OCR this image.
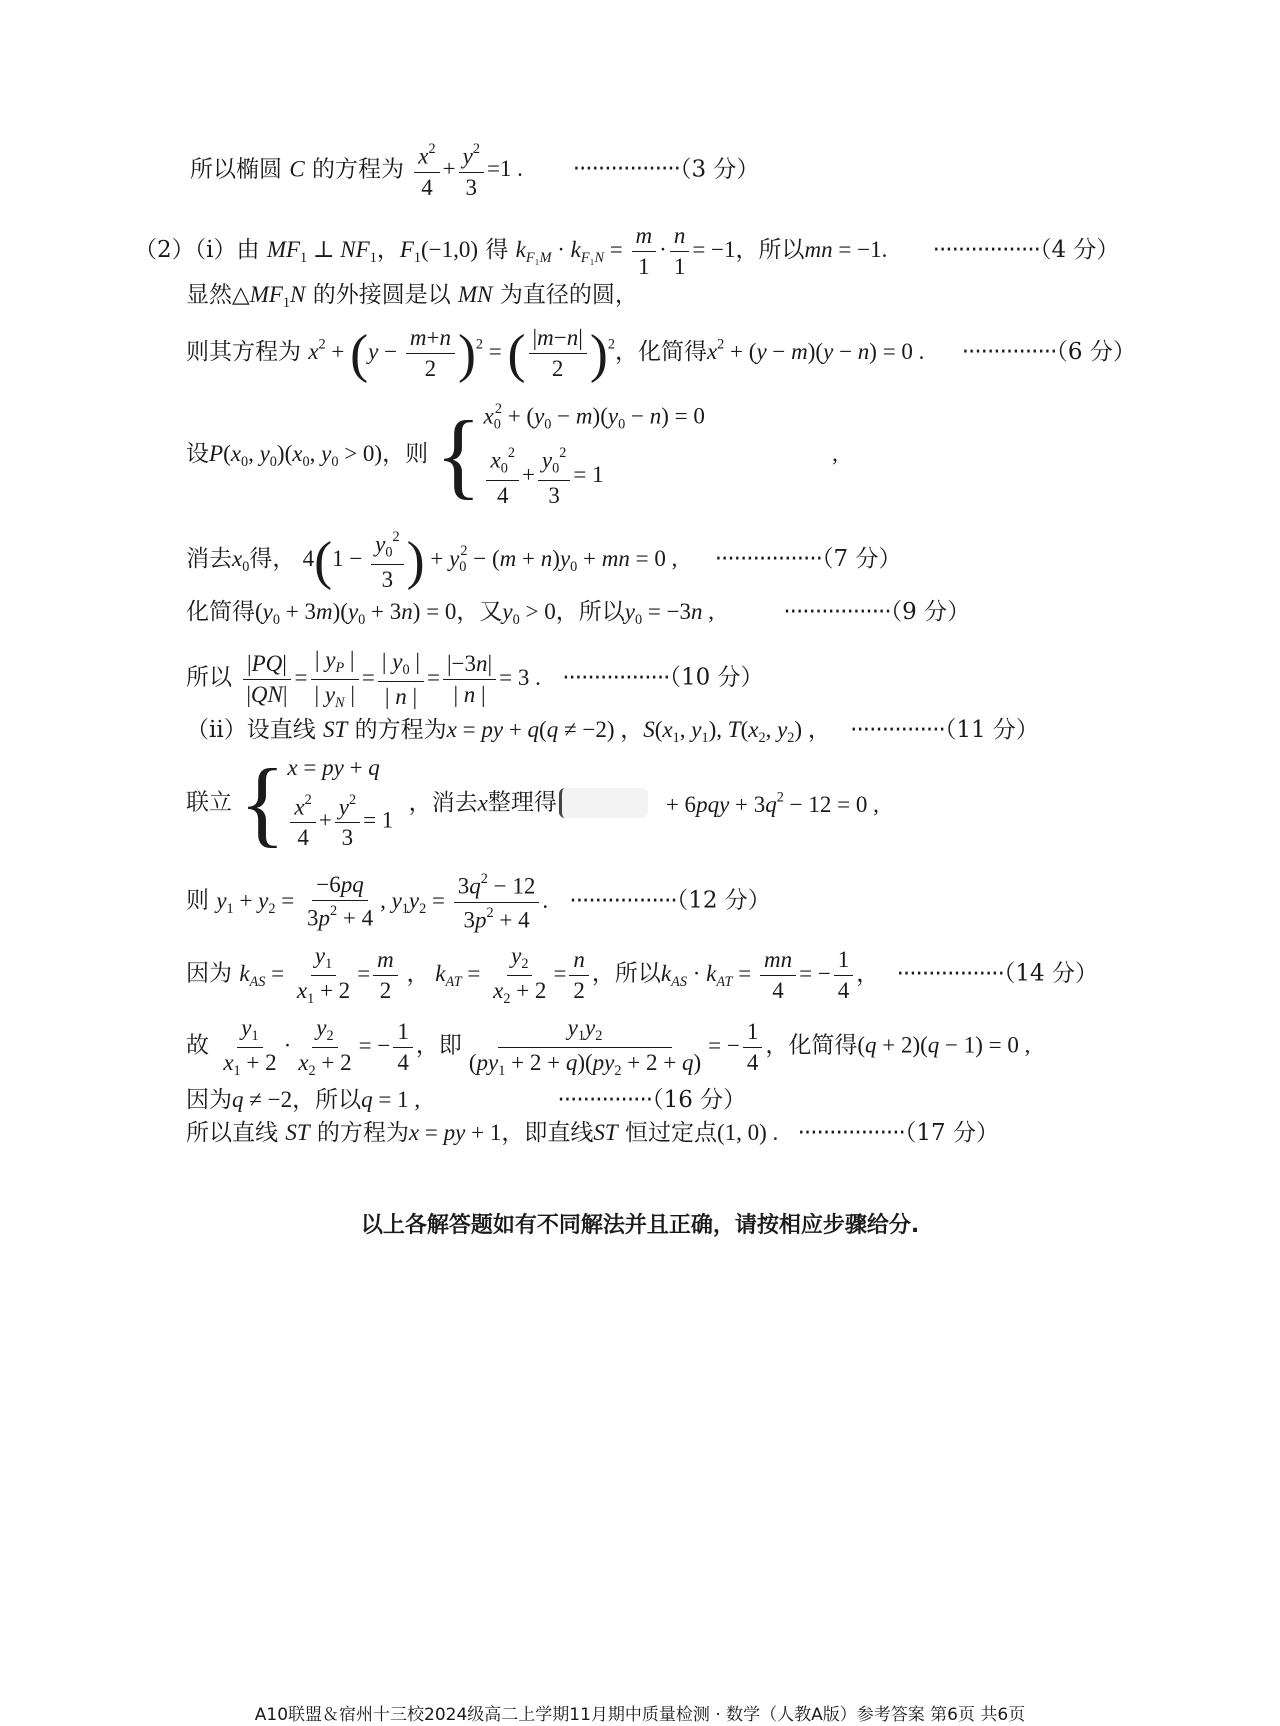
所以椭圆 C 的方程为 $\frac{x^2}{4} + \frac{y^2}{3} =1$ . ·················（3 分）
（2）（ⅰ）由 $MF_1$ ⊥ $NF_1$，$F_1(-1,0)$ 得 $k_{F_1M} \cdot k_{F_1N} = \frac{m}{1} \cdot \frac{n}{1} = -1$，所以mn = −1. ·················（4 分）
显然$\triangle MF_1N$ 的外接圆是以 MN 为直径的圆，
则其方程为 $x^2 + (y - \frac{m+n}{2} )^2$ = ( $\frac{|m-n|}{2} )^2$，化简得$x^2 + (y - m)(y - n) = 0$ . ···············（6 分）
设$P(x_0$, $y_0)(x_0$, $y_0 > 0$)，则 { $x_0^2 + (y_0 - m)(y_0 - n) = 0$
$\frac{x_0^2}{4} + \frac{y_0^2}{3} = 1$
,
消去$x_0$得， $4(1 - \frac{y_0^2}{3}$ ) + $y_0^2 - (m + n)y_0$ + mn = 0 , ·················（7 分）
化简得$(y_0 + 3m)(y_0 + 3n) = 0$，又$y_0 > 0$，所以$y_0 = -3n$ ,	·················（9 分）
所以 $\frac{|PQ|}{|QN|} = \frac{| y_P |}{| y_N |} = \frac{| y_0 |}{| n |} = \frac{|-3n|}{| n |} = 3$ . ·················（10 分）
（ⅱ）设直线 ST 的方程为x = py + q(q ≠ −2) ，$S(x_1$, $y_1$), $T(x_2$, $y_2$) ， ···············（11 分）
联立 { x = py + q
$\frac{x^2}{4} + \frac{y^2}{3} = 1$
，消去x整理得	+ $6pqy + 3q^2 - 12 = 0$ ,
则 $y_1 + y_2 = \frac{-6pq}{3p^2 + 4}$ , $y_1y_2 = \frac{3q^2 - 12}{3p^2 + 4}$ . ·················（12 分）
因为 $k_{AS} = \frac{y_1}{x_1 + 2} = \frac{m}{2}$ ， $k_{AT} = \frac{y_2}{x_2 + 2} = \frac{n}{2}$ ，所以$k_{AS} \cdot k_{AT} = \frac{mn}{4}$ = − $\frac{1}{4}$ ， ·················（14 分）
故 $\frac{y_1}{x_1 + 2} \cdot \frac{y_2}{x_2 + 2}$ = − $\frac{1}{4}$ ，即 $\frac{y_1y_2}{(py_1 + 2 + q)(py_2 + 2 + q)}$ = − $\frac{1}{4}$ ，化简得(q + 2)(q − 1) = 0 ,
因为q ≠ −2，所以q = 1 ,	···············（16 分）
所以直线 ST 的方程为x = py + 1，即直线ST 恒过定点(1, 0) . ·················（17 分）
以上各解答题如有不同解法并且正确，请按相应步骤给分.
A10联盟＆宿州十三校2024级高二上学期11月期中质量检测 · 数学（人教A版）参考答案 第6页 共6页
